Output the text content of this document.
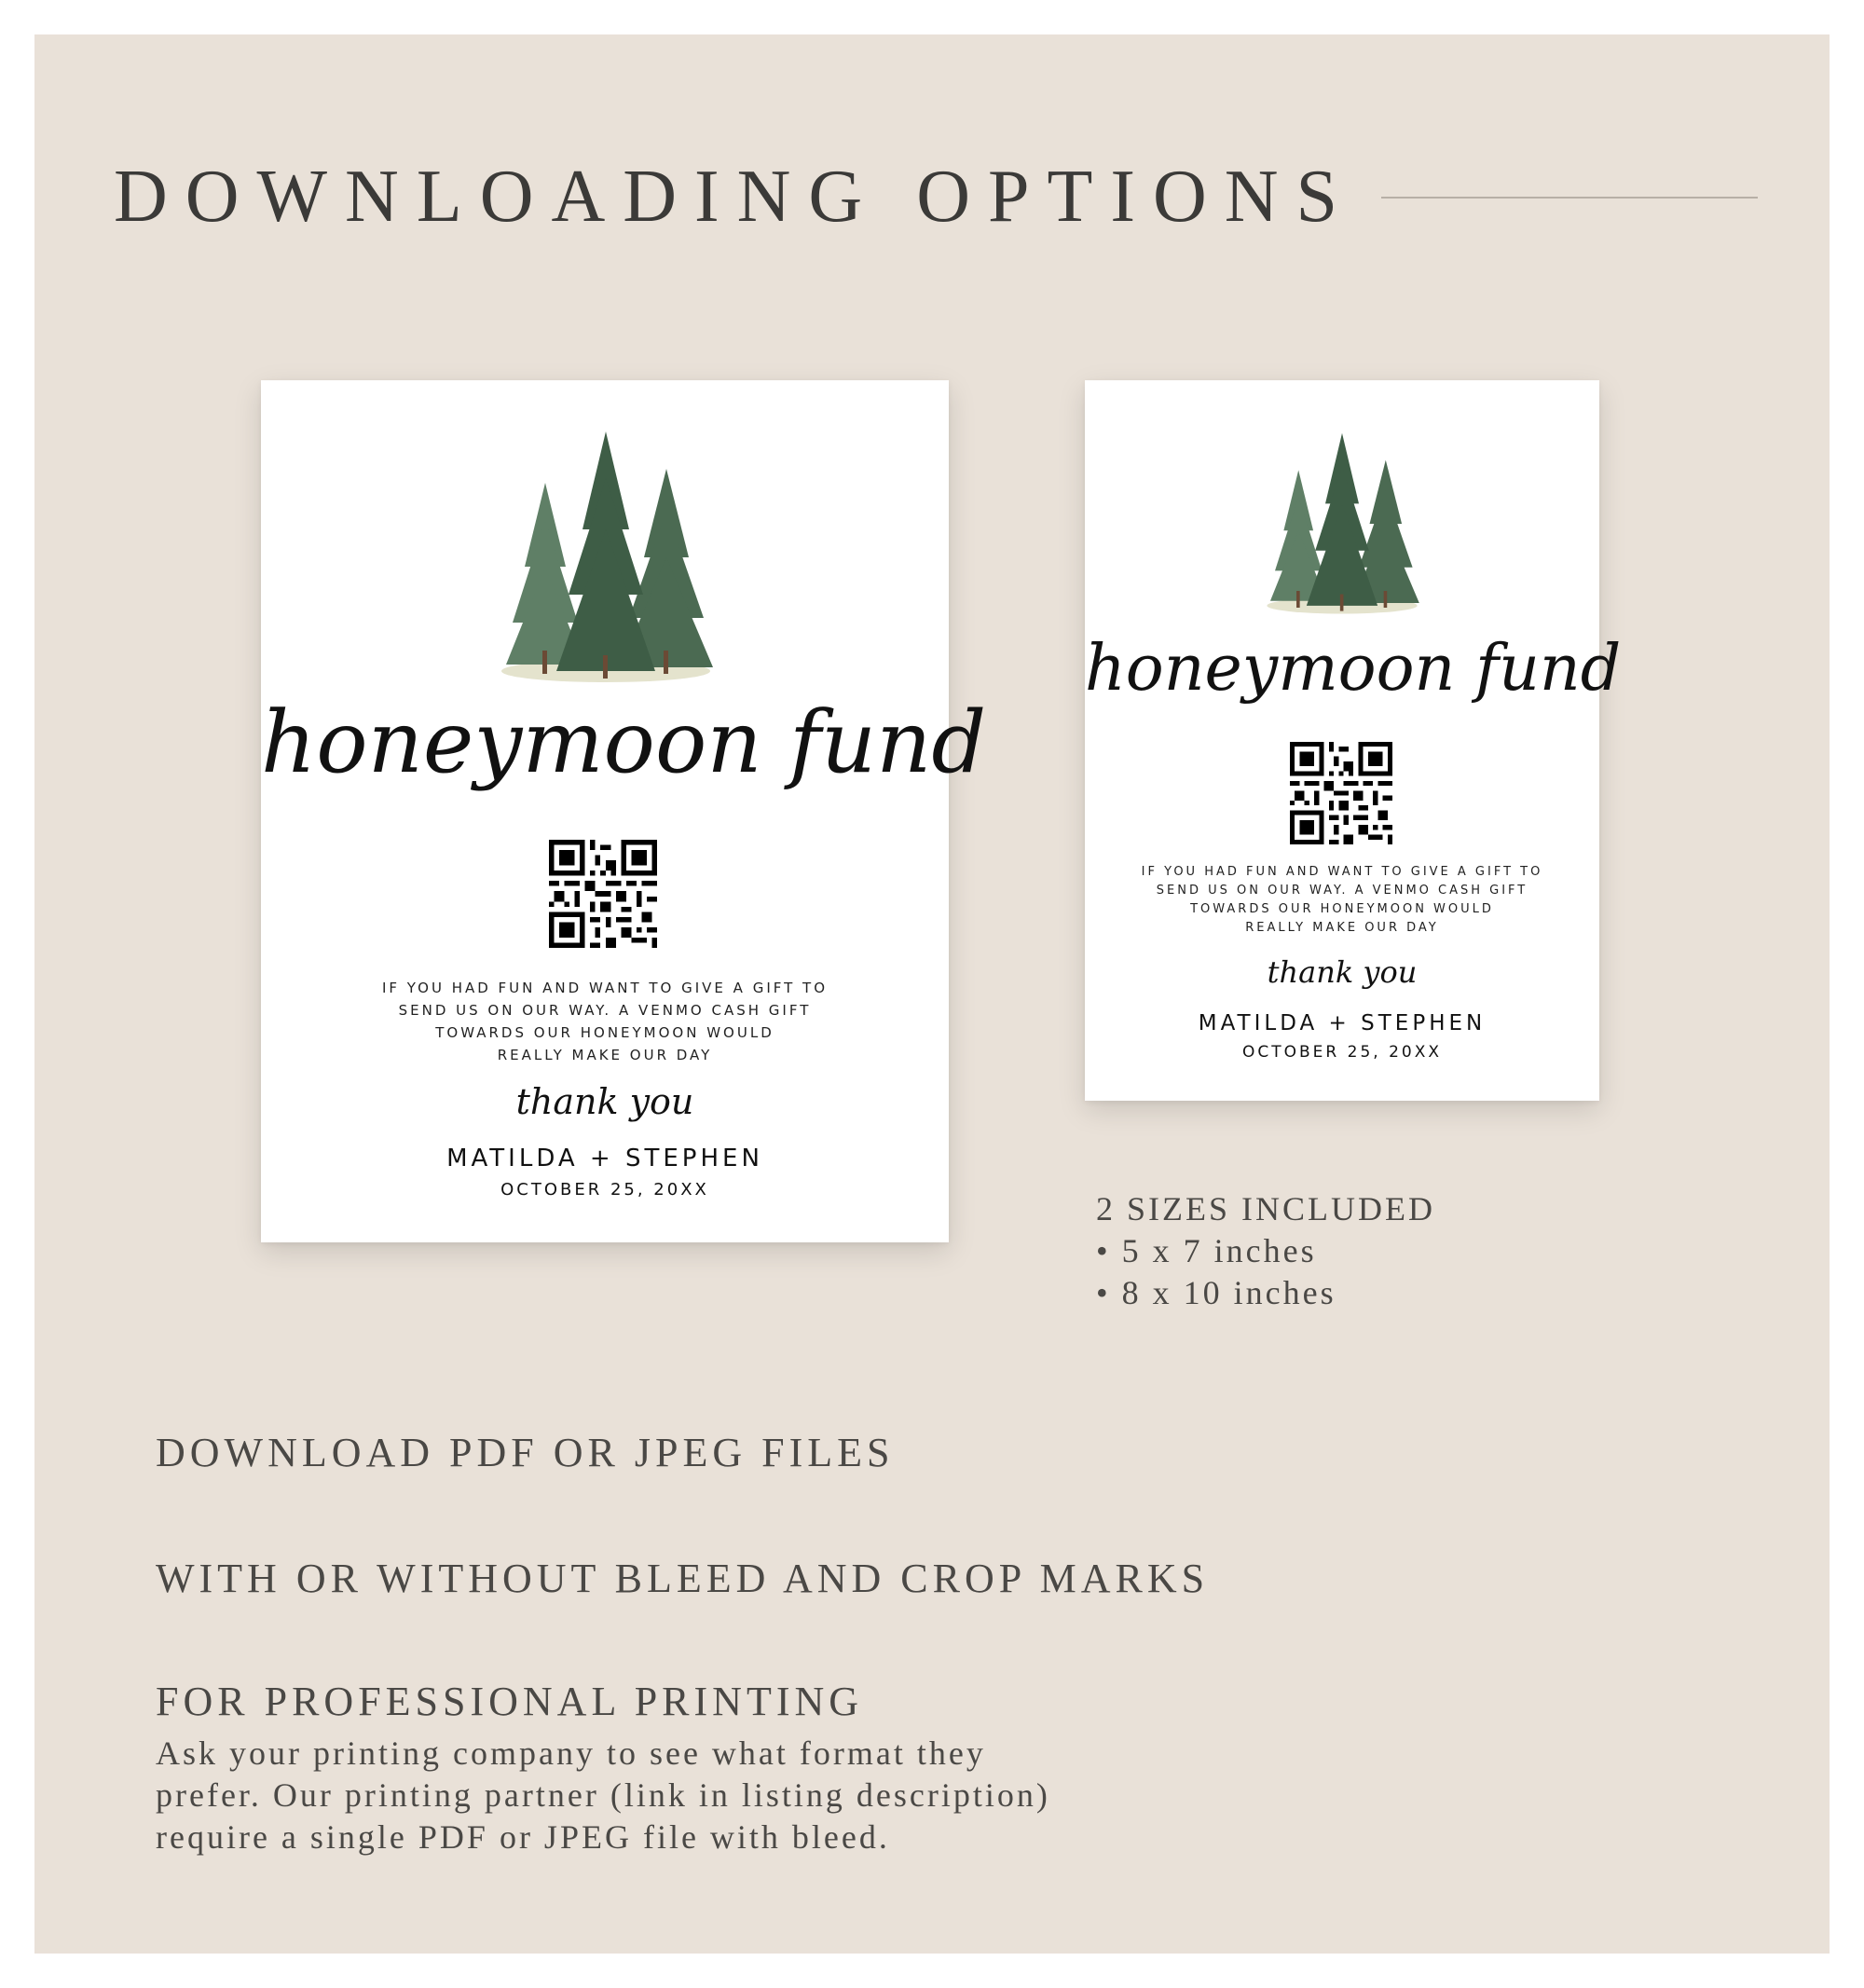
DOWNLOADING OPTIONS
honeymoon fund
IF YOU HAD FUN AND WANT TO GIVE A GIFT TO
SEND US ON OUR WAY. A VENMO CASH GIFT
TOWARDS OUR HONEYMOON WOULD
REALLY MAKE OUR DAY
thank you
MATILDA + STEPHEN
OCTOBER 25, 20XX
honeymoon fund
IF YOU HAD FUN AND WANT TO GIVE A GIFT TO
SEND US ON OUR WAY. A VENMO CASH GIFT
TOWARDS OUR HONEYMOON WOULD
REALLY MAKE OUR DAY
thank you
MATILDA + STEPHEN
OCTOBER 25, 20XX
2 SIZES INCLUDED
• 5 x 7 inches
• 8 x 10 inches
DOWNLOAD PDF OR JPEG FILES
WITH OR WITHOUT BLEED AND CROP MARKS
FOR PROFESSIONAL PRINTING
Ask your printing company to see what format they
prefer. Our printing partner (link in listing description)
require a single PDF or JPEG file with bleed.
